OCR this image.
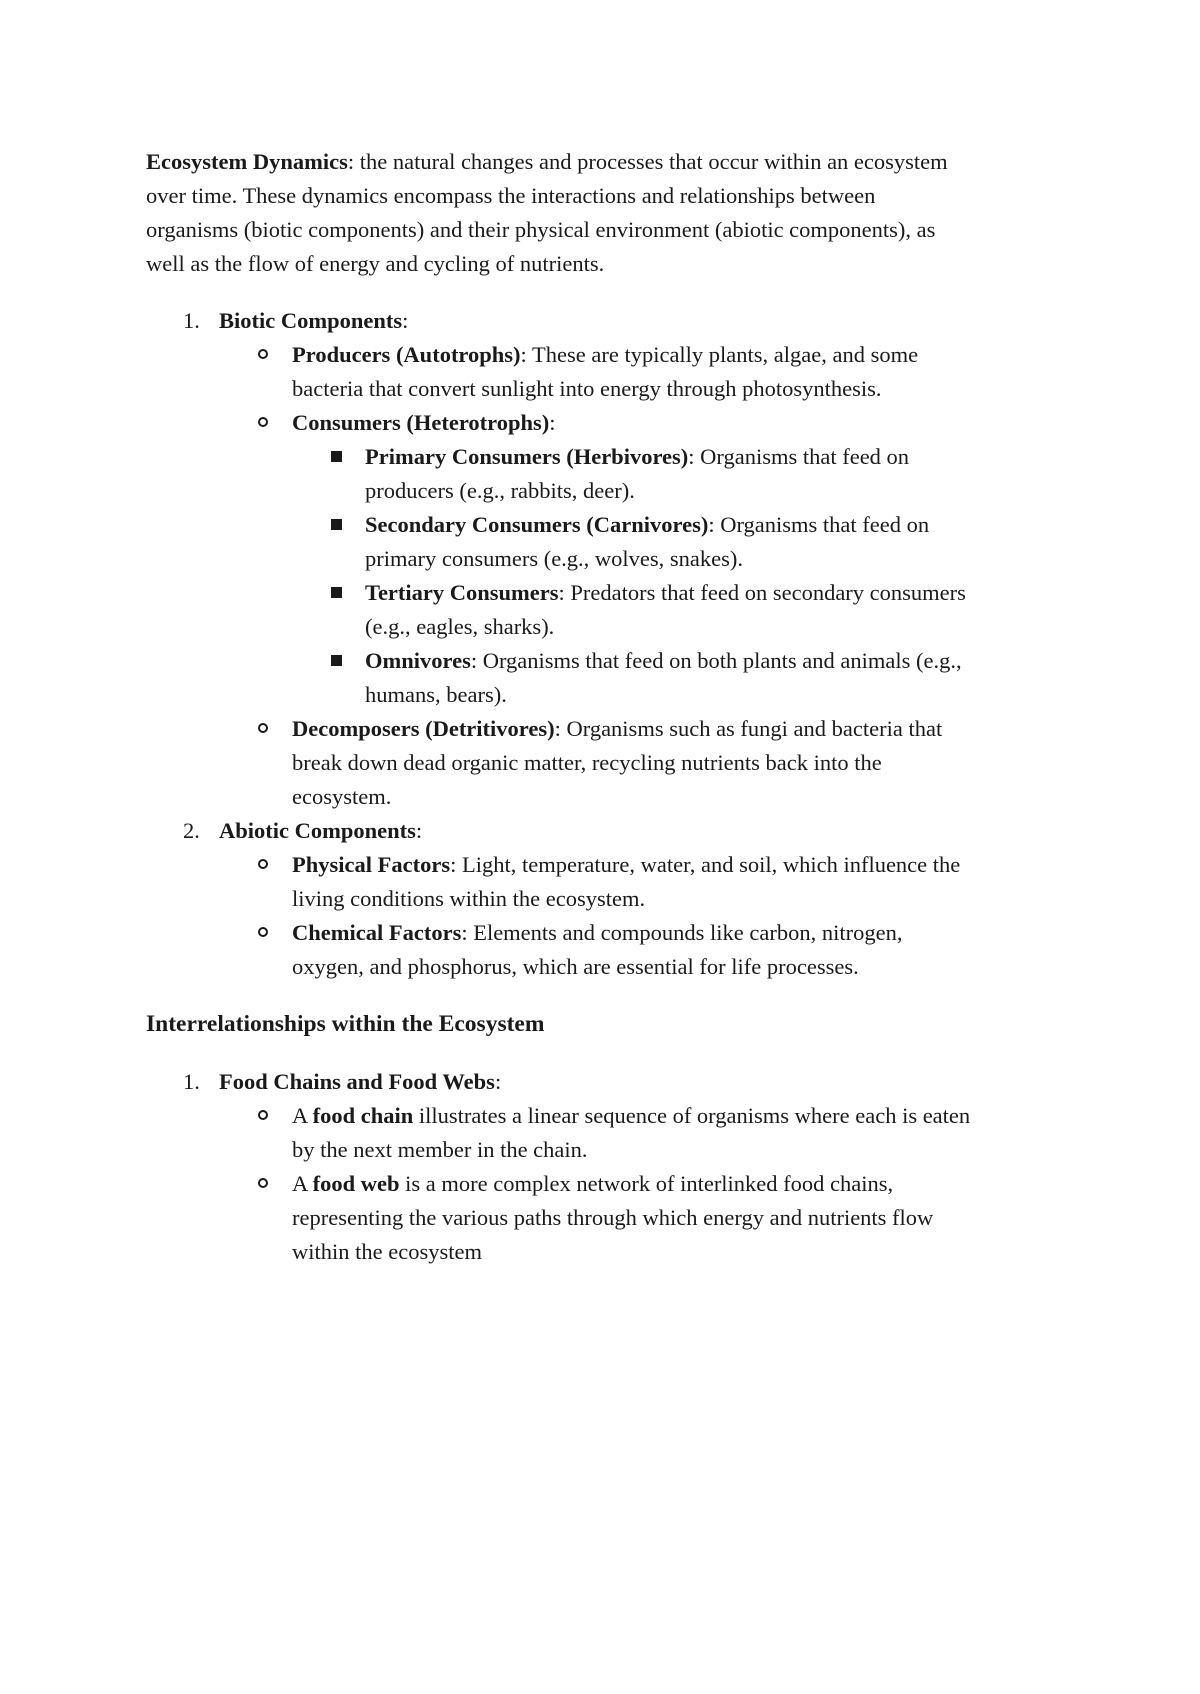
Ecosystem Dynamics: the natural changes and processes that occur within an ecosystem
over time. These dynamics encompass the interactions and relationships between
organisms (biotic components) and their physical environment (abiotic components), as
well as the flow of energy and cycling of nutrients.
1. Biotic Components:
Producers (Autotrophs): These are typically plants, algae, and some
bacteria that convert sunlight into energy through photosynthesis.
Consumers (Heterotrophs):
Primary Consumers (Herbivores): Organisms that feed on
producers (e.g., rabbits, deer).
Secondary Consumers (Carnivores): Organisms that feed on
primary consumers (e.g., wolves, snakes).
Tertiary Consumers: Predators that feed on secondary consumers
(e.g., eagles, sharks).
Omnivores: Organisms that feed on both plants and animals (e.g.,
humans, bears).
Decomposers (Detritivores): Organisms such as fungi and bacteria that
break down dead organic matter, recycling nutrients back into the
ecosystem.
2. Abiotic Components:
Physical Factors: Light, temperature, water, and soil, which influence the
living conditions within the ecosystem.
Chemical Factors: Elements and compounds like carbon, nitrogen,
oxygen, and phosphorus, which are essential for life processes.
Interrelationships within the Ecosystem
1. Food Chains and Food Webs:
A food chain illustrates a linear sequence of organisms where each is eaten
by the next member in the chain.
A food web is a more complex network of interlinked food chains,
representing the various paths through which energy and nutrients flow
within the ecosystem
